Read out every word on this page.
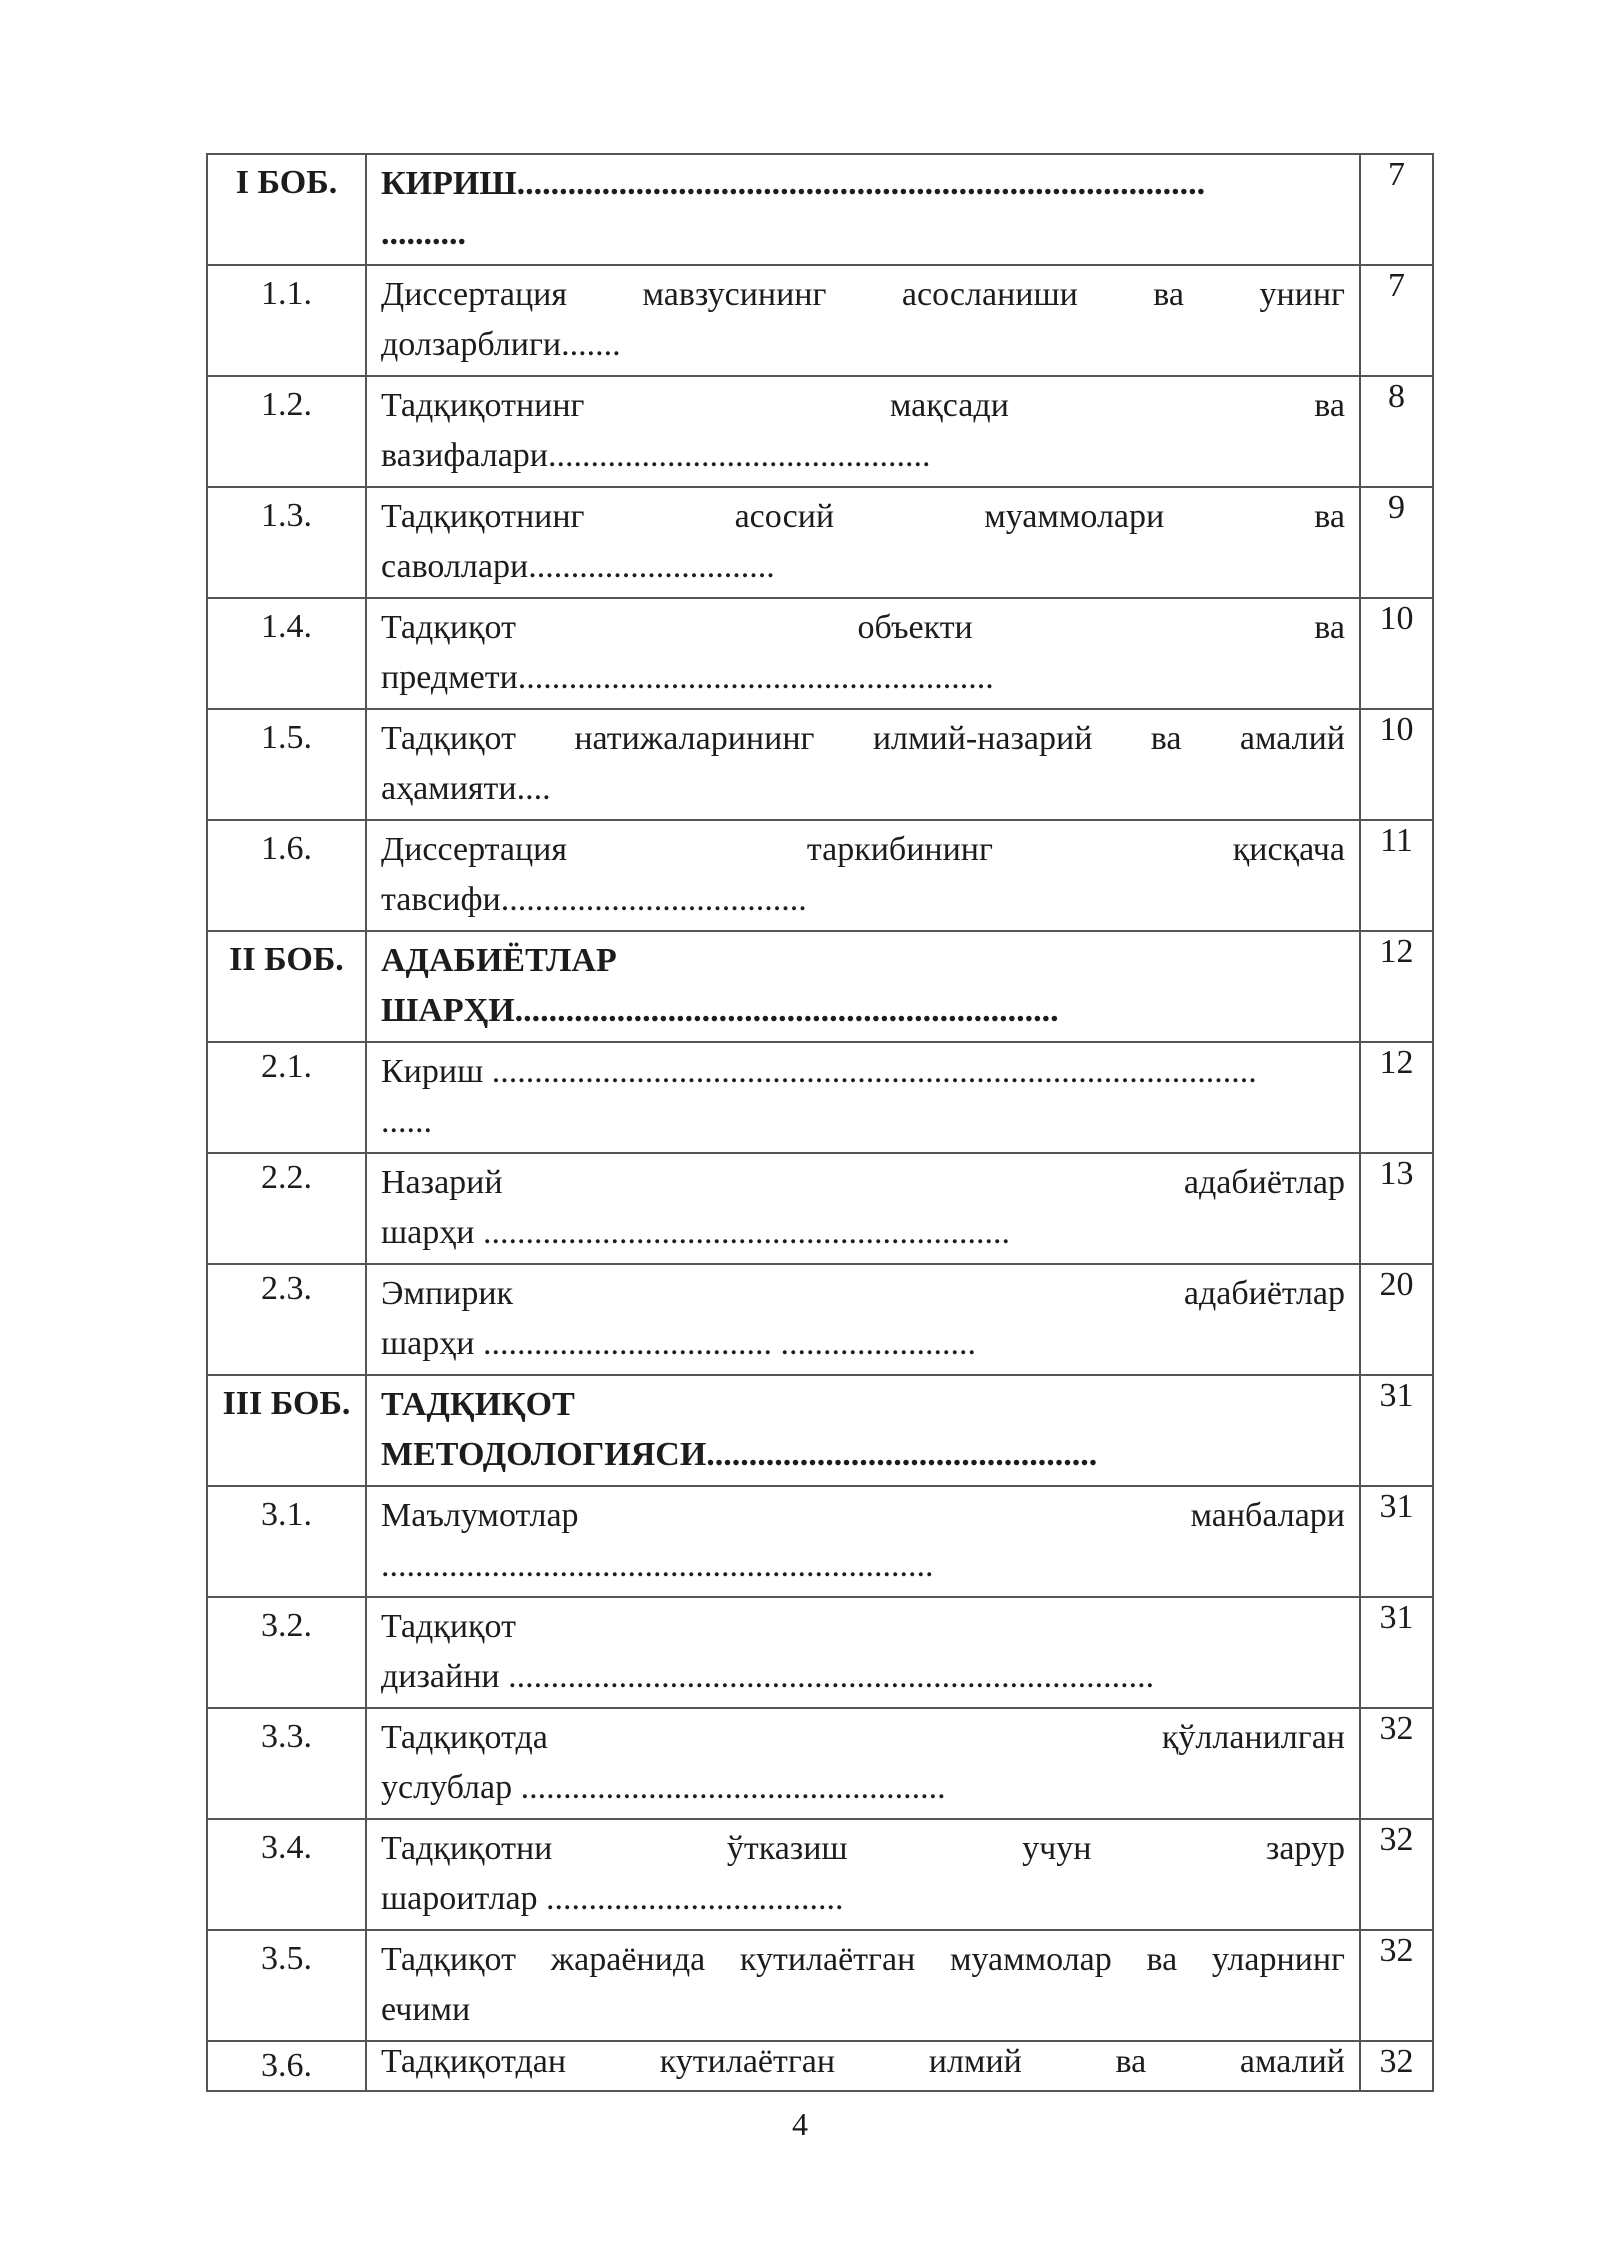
I БОБ.	КИРИШ.................................................................................
..........	7
1.1.	Диссертация мавзусининг асосланиши ва унинг
долзарблиги.......	7
1.2.	Тадқиқотнинг мақсади ва
вазифалари.............................................	8
1.3.	Тадқиқотнинг асосий муаммолари ва
саволлари.............................	9
1.4.	Тадқиқот объекти ва
предмети........................................................	10
1.5.	Тадқиқот натижаларининг илмий-назарий ва амалий
аҳамияти....	10
1.6.	Диссертация таркибининг қисқача
тавсифи....................................	11
II БОБ.	АДАБИЁТЛАР
ШАРҲИ................................................................	12
2.1.	Кириш ..........................................................................................
......	12
2.2.	Назарий адабиётлар
шарҳи ..............................................................	13
2.3.	Эмпирик адабиётлар
шарҳи .................................. .......................	20
III БОБ.	ТАДҚИҚОТ
МЕТОДОЛОГИЯСИ..............................................	31
3.1.	Маълумотлар манбалари
.................................................................	31
3.2.	Тадқиқот
дизайни ............................................................................	31
3.3.	Тадқиқотда қўлланилган
услублар ..................................................	32
3.4.	Тадқиқотни ўтказиш учун зарур
шароитлар ...................................	32
3.5.	Тадқиқот жараёнида кутилаётган муаммолар ва уларнинг
ечими	32
3.6.	Тадқиқотдан кутилаётган илмий ва амалий	32
4
